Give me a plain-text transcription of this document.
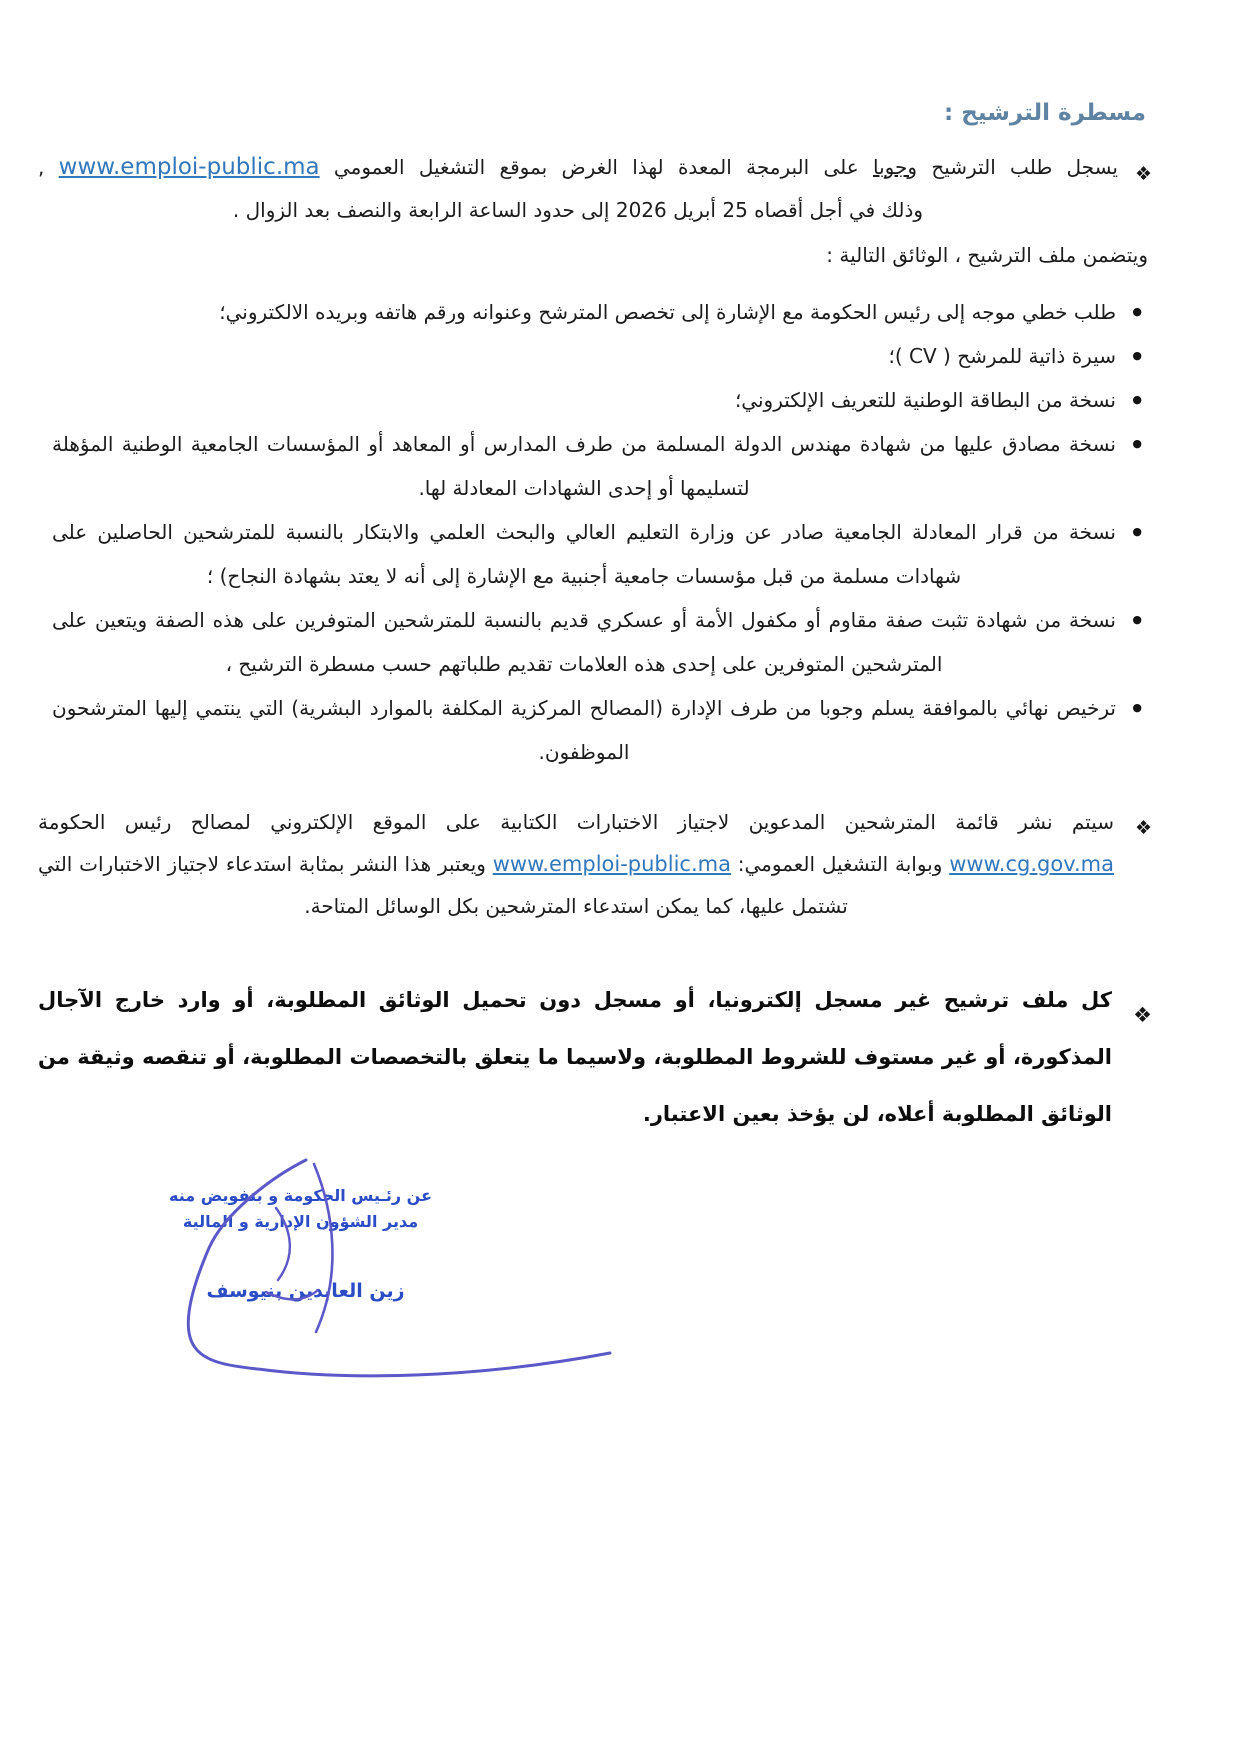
مسطرة الترشيح :
❖
يسجل طلب الترشيح وجوبا على البرمجة المعدة لهذا الغرض بموقع التشغيل العمومي www.emploi-public.ma ,
وذلك في أجل أقصاه 25 أبريل 2026 إلى حدود الساعة الرابعة والنصف بعد الزوال .
ويتضمن ملف الترشيح ، الوثائق التالية :
●
طلب خطي موجه إلى رئيس الحكومة مع الإشارة إلى تخصص المترشح وعنوانه ورقم هاتفه وبريده الالكتروني؛
●
سيرة ذاتية للمرشح ( CV )؛
●
نسخة من البطاقة الوطنية للتعريف الإلكتروني؛
●
نسخة مصادق عليها من شهادة مهندس الدولة المسلمة من طرف المدارس أو المعاهد أو المؤسسات الجامعية الوطنية المؤهلة لتسليمها أو إحدى الشهادات المعادلة لها.
●
نسخة من قرار المعادلة الجامعية صادر عن وزارة التعليم العالي والبحث العلمي والابتكار بالنسبة للمترشحين الحاصلين على شهادات مسلمة من قبل مؤسسات جامعية أجنبية مع الإشارة إلى أنه لا يعتد بشهادة النجاح) ؛
●
نسخة من شهادة تثبت صفة مقاوم أو مكفول الأمة أو عسكري قديم بالنسبة للمترشحين المتوفرين على هذه الصفة ويتعين على المترشحين المتوفرين على إحدى هذه العلامات تقديم طلباتهم حسب مسطرة الترشيح ،
●
ترخيص نهائي بالموافقة يسلم وجوبا من طرف الإدارة (المصالح المركزية المكلفة بالموارد البشرية) التي ينتمي إليها المترشحون الموظفون.
❖
سيتم نشر قائمة المترشحين المدعوين لاجتياز الاختبارات الكتابية على الموقع الإلكتروني لمصالح رئيس الحكومة www.cg.gov.ma وبوابة التشغيل العمومي: www.emploi-public.ma ويعتبر هذا النشر بمثابة استدعاء لاجتياز الاختبارات التي تشتمل عليها، كما يمكن استدعاء المترشحين بكل الوسائل المتاحة.
❖
كل ملف ترشيح غير مسجل إلكترونيا، أو مسجل دون تحميل الوثائق المطلوبة، أو وارد خارج الآجال المذكورة، أو غير مستوف للشروط المطلوبة، ولاسيما ما يتعلق بالتخصصات المطلوبة، أو تنقصه وثيقة من الوثائق المطلوبة أعلاه، لن يؤخذ بعين الاعتبار.
عن رئـيس الحكومة و بتفويض منه
مدير الشؤون الإدارية و المالية
زين العابدين بنيوسف
